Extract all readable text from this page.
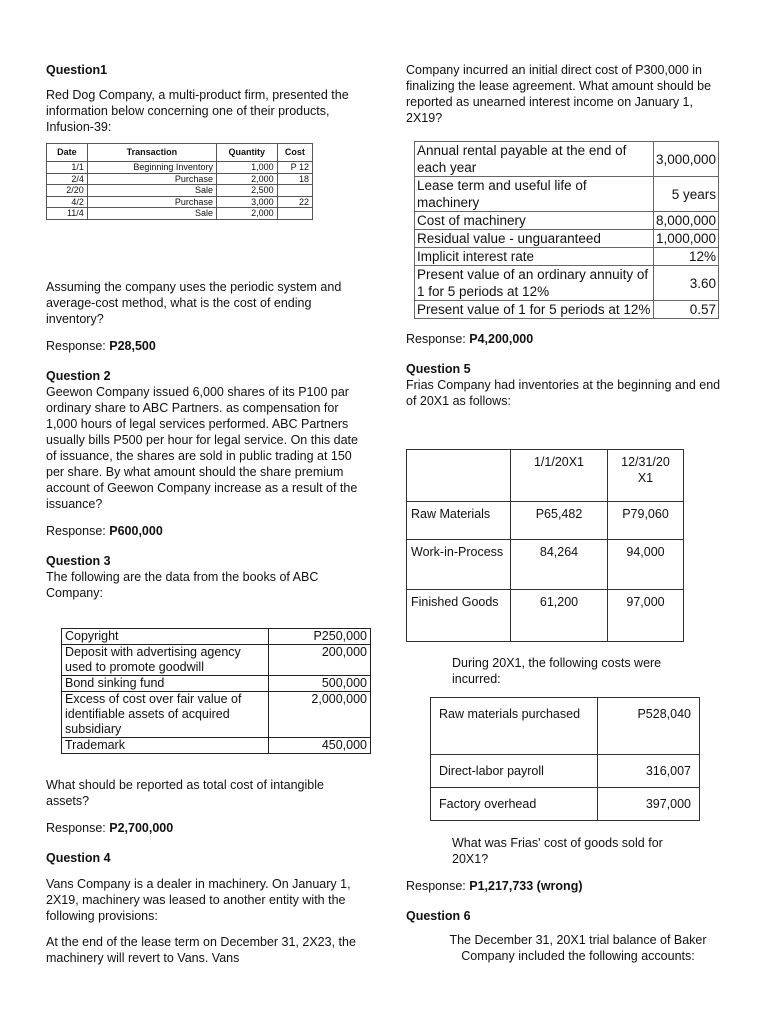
Question1

Red Dog Company, a multi-product firm, presented the information below concerning one of their products, Infusion-39:

Date	Transaction	Quantity	Cost
1/1	Beginning Inventory	1,000	P 12
2/4	Purchase	2,000	18
2/20	Sale	2,500	
4/2	Purchase	3,000	22
11/4	Sale	2,000	

Assuming the company uses the periodic system and average-cost method, what is the cost of ending inventory?

Response: P28,500

Question 2

Geewon Company issued 6,000 shares of its P100 par ordinary share to ABC Partners. as compensation for 1,000 hours of legal services performed. ABC Partners usually bills P500 per hour for legal service. On this date of issuance, the shares are sold in public trading at 150 per share. By what amount should the share premium account of Geewon Company increase as a result of the issuance?

Response: P600,000

Question 3

The following are the data from the books of ABC Company:

Copyright	P250,000
Deposit with advertising agency used to promote goodwill	200,000
Bond sinking fund	500,000
Excess of cost over fair value of identifiable assets of acquired subsidiary	2,000,000
Trademark	450,000

What should be reported as total cost of intangible assets?

Response: P2,700,000

Question 4

Vans Company is a dealer in machinery. On January 1, 2X19, machinery was leased to another entity with the following provisions:

At the end of the lease term on December 31, 2X23, the machinery will revert to Vans. Vans

Company incurred an initial direct cost of P300,000 in finalizing the lease agreement. What amount should be reported as unearned interest income on January 1, 2X19?

Annual rental payable at the end of each year	3,000,000
Lease term and useful life of machinery	5 years
Cost of machinery	8,000,000
Residual value - unguaranteed	1,000,000
Implicit interest rate	12%
Present value of an ordinary annuity of 1 for 5 periods at 12%	3.60
Present value of 1 for 5 periods at 12%	0.57

Response: P4,200,000

Question 5

Frias Company had inventories at the beginning and end of 20X1 as follows:

	1/1/20X1	12/31/20 X1
Raw Materials	P65,482	P79,060
Work-in-Process	84,264	94,000
Finished Goods	61,200	97,000

During 20X1, the following costs were incurred:

Raw materials purchased	P528,040
Direct-labor payroll	316,007
Factory overhead	397,000

What was Frias' cost of goods sold for 20X1?

Response: P1,217,733 (wrong)

Question 6

The December 31, 20X1 trial balance of Baker Company included the following accounts:
